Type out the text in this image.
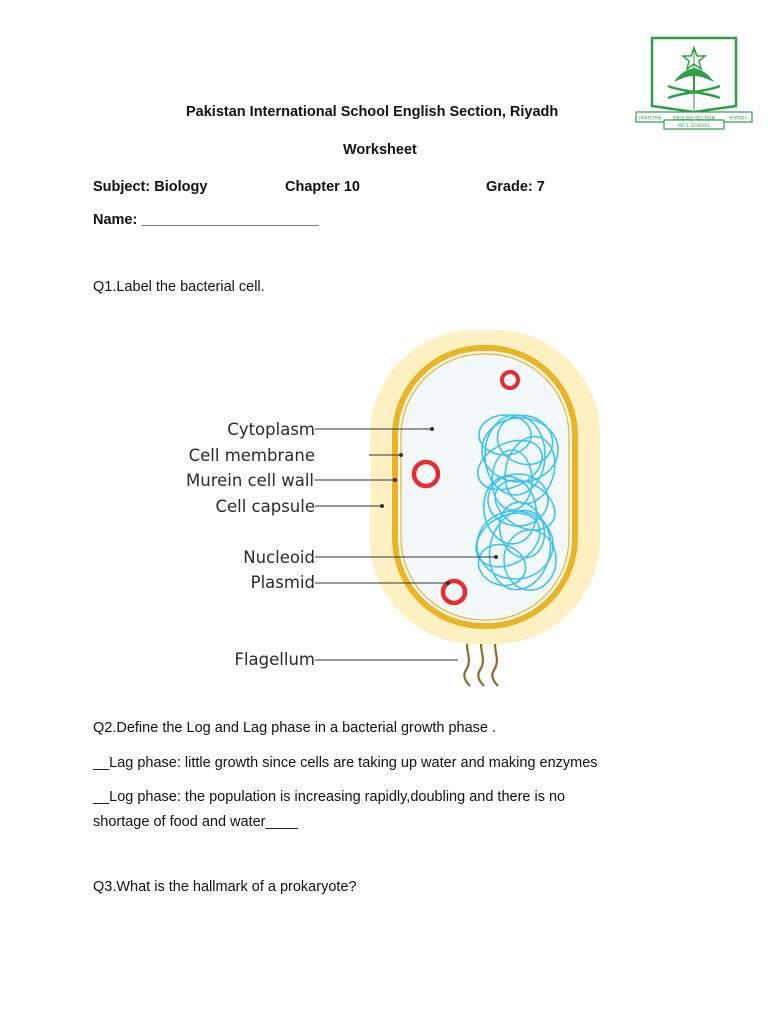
PAKISTAN	ENGLISH SECTION	RIYADH
INT'L SCHOOL
Pakistan International School English Section, Riyadh
Worksheet
Subject: Biology	Chapter 10	Grade: 7
Name: ______________________
Q1.Label the bacterial cell.
Cytoplasm
Cell membrane
Murein cell wall
Cell capsule
Nucleoid
Plasmid
Flagellum
Q2.Define the Log and Lag phase in a bacterial growth phase .
__Lag phase: little growth since cells are taking up water and making enzymes
__Log phase: the population is increasing rapidly,doubling and there is no
shortage of food and water____
Q3.What is the hallmark of a prokaryote?
